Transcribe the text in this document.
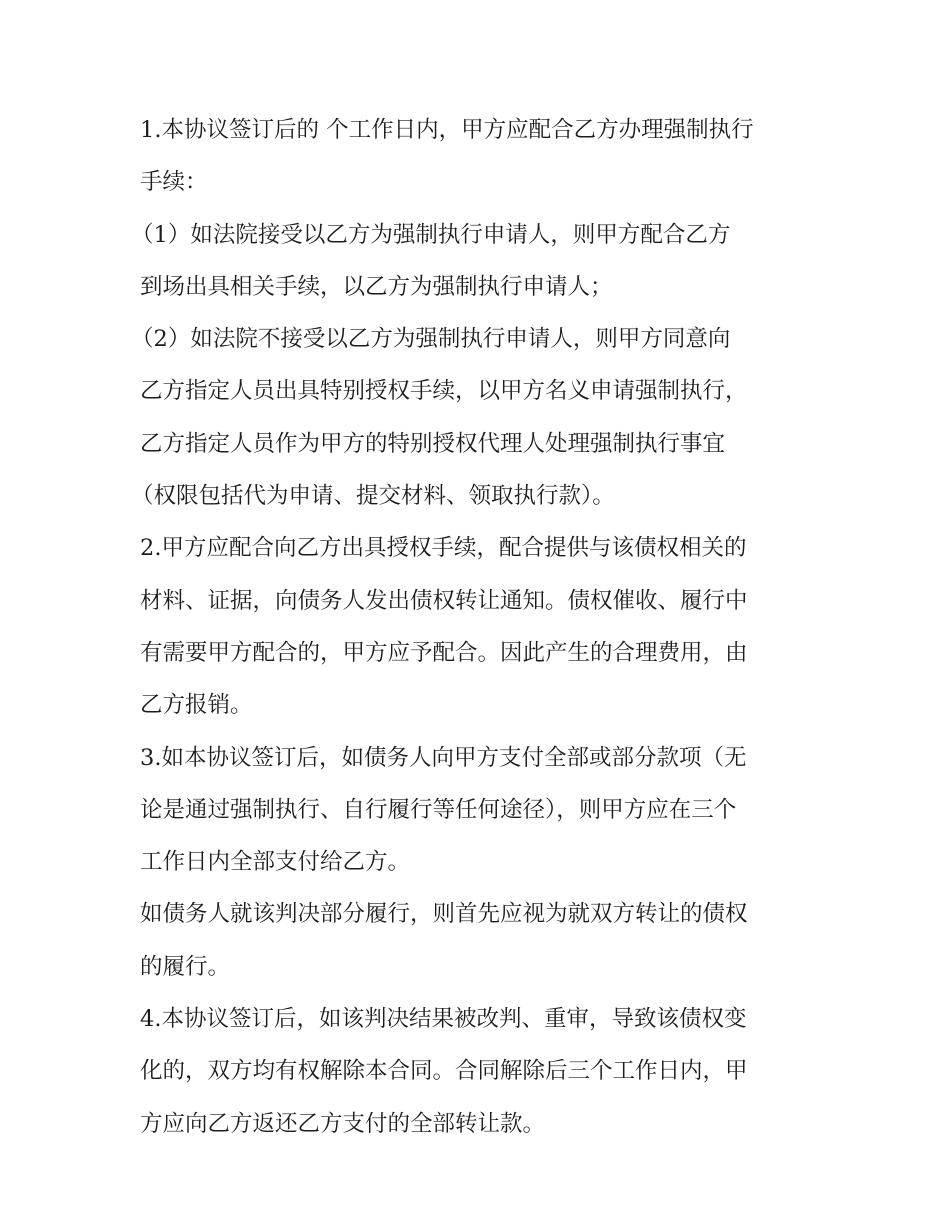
1.本协议签订后的 个工作日内，甲方应配合乙方办理强制执行
手续：
（1）如法院接受以乙方为强制执行申请人，则甲方配合乙方
到场出具相关手续，以乙方为强制执行申请人；
（2）如法院不接受以乙方为强制执行申请人，则甲方同意向
乙方指定人员出具特别授权手续，以甲方名义申请强制执行，
乙方指定人员作为甲方的特别授权代理人处理强制执行事宜
（权限包括代为申请、提交材料、领取执行款）。
2.甲方应配合向乙方出具授权手续，配合提供与该债权相关的
材料、证据，向债务人发出债权转让通知。债权催收、履行中
有需要甲方配合的，甲方应予配合。因此产生的合理费用，由
乙方报销。
3.如本协议签订后，如债务人向甲方支付全部或部分款项（无
论是通过强制执行、自行履行等任何途径），则甲方应在三个
工作日内全部支付给乙方。
如债务人就该判决部分履行，则首先应视为就双方转让的债权
的履行。
4.本协议签订后，如该判决结果被改判、重审，导致该债权变
化的，双方均有权解除本合同。合同解除后三个工作日内，甲
方应向乙方返还乙方支付的全部转让款。
